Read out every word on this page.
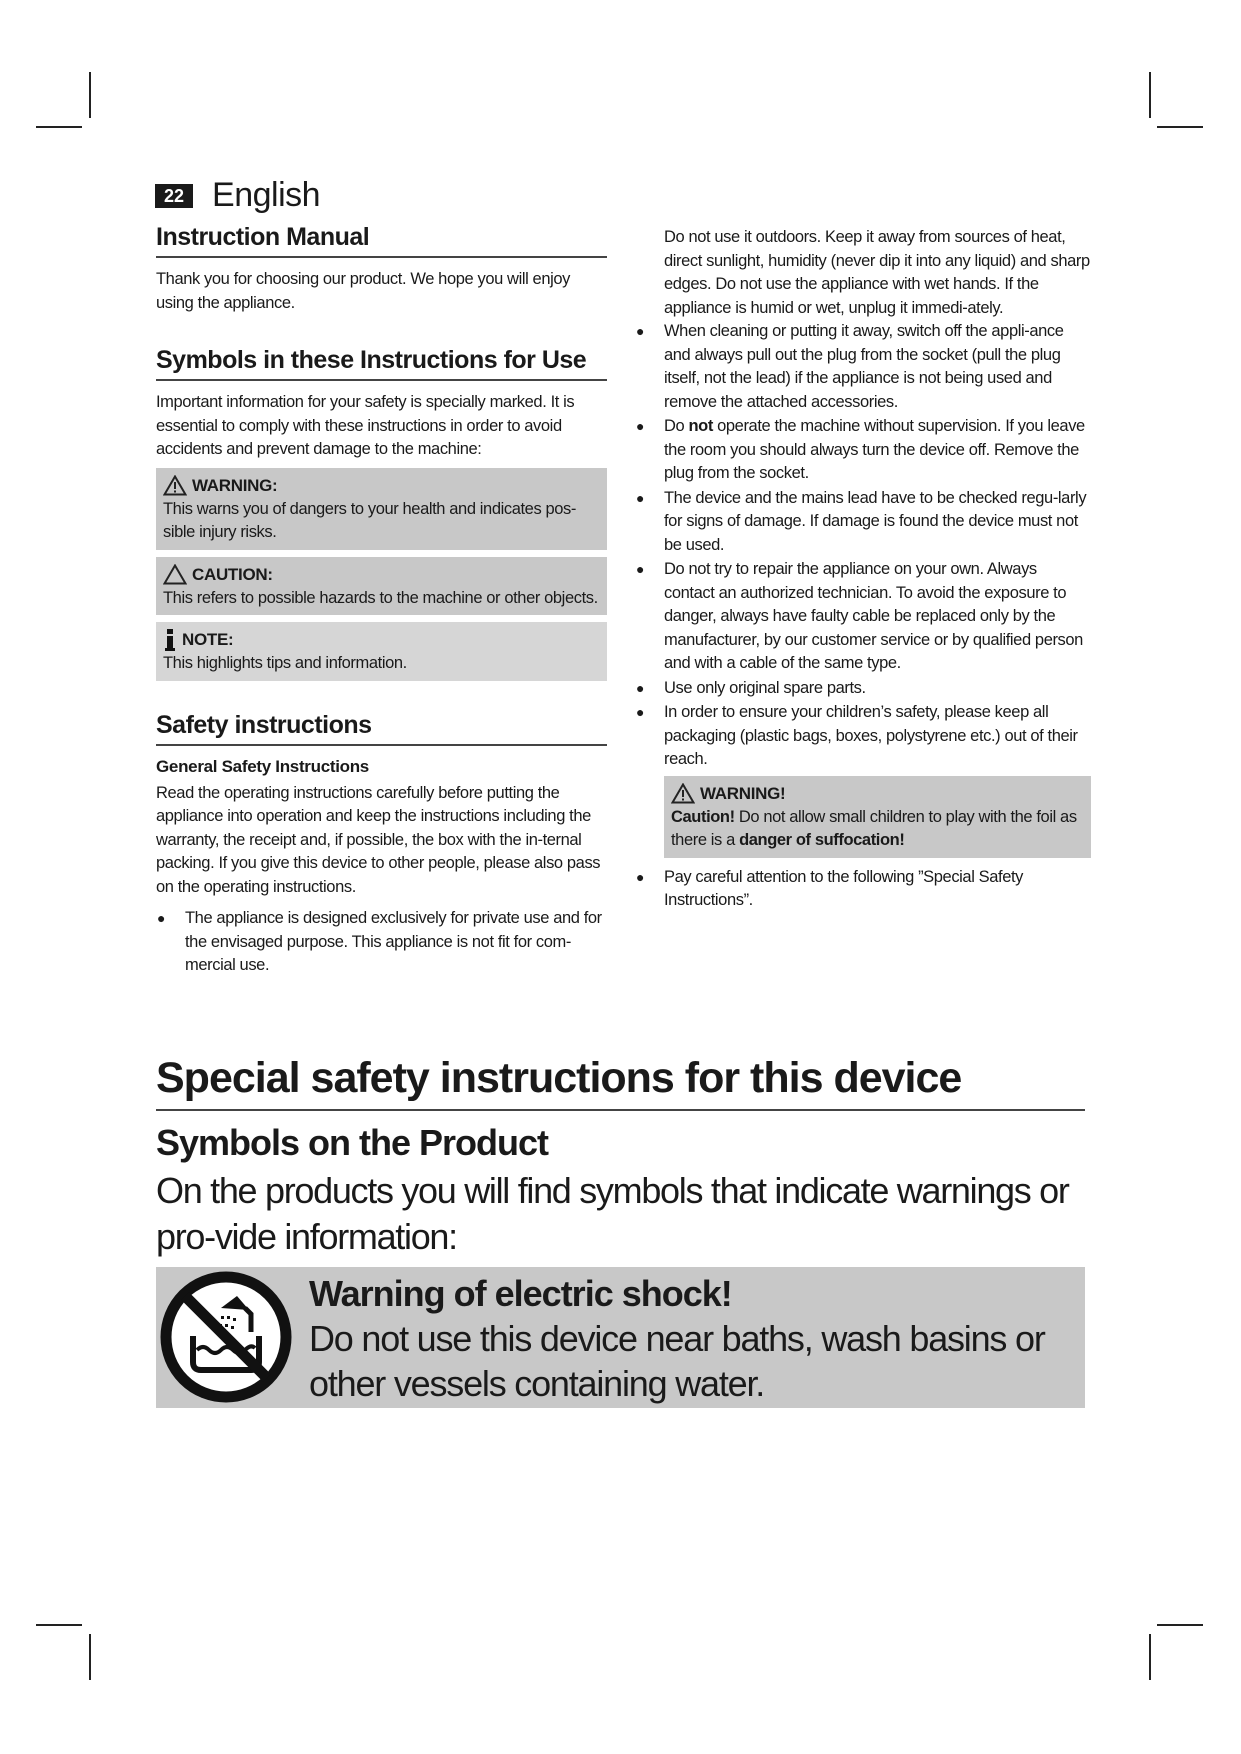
22 English
Instruction Manual

Thank you for choosing our product. We hope you will enjoy using the appliance.

Symbols in these Instructions for Use

Important information for your safety is specially marked. It is essential to comply with these instructions in order to avoid accidents and prevent damage to the machine:

WARNING:
This warns you of dangers to your health and indicates pos-sible injury risks.
CAUTION:
This refers to possible hazards to the machine or other objects.
NOTE:
This highlights tips and information.
Safety instructions
General Safety Instructions

Read the operating instructions carefully before putting the appliance into operation and keep the instructions including the warranty, the receipt and, if possible, the box with the in-ternal packing. If you give this device to other people, please also pass on the operating instructions.

● The appliance is designed exclusively for private use and for the envisaged purpose. This appliance is not fit for com-mercial use.

Do not use it outdoors. Keep it away from sources of heat, direct sunlight, humidity (never dip it into any liquid) and sharp edges. Do not use the appliance with wet hands. If the appliance is humid or wet, unplug it immedi-ately.

● When cleaning or putting it away, switch off the appli-ance and always pull out the plug from the socket (pull the plug itself, not the lead) if the appliance is not being used and remove the attached accessories.
● Do not operate the machine without supervision. If you leave the room you should always turn the device off. Remove the plug from the socket.
● The device and the mains lead have to be checked regu-larly for signs of damage. If damage is found the device must not be used.
● Do not try to repair the appliance on your own. Always contact an authorized technician. To avoid the exposure to danger, always have faulty cable be replaced only by the manufacturer, by our customer service or by qualified person and with a cable of the same type.
● Use only original spare parts.
● In order to ensure your children’s safety, please keep all packaging (plastic bags, boxes, polystyrene etc.) out of their reach.
WARNING!
Caution! Do not allow small children to play with the foil as there is a danger of suffocation!
● Pay careful attention to the following ”Special Safety Instructions”.
Special safety instructions for this device
Symbols on the Product

On the products you will find symbols that indicate warnings or pro-vide information:

Warning of electric shock!

Do not use this device near baths, wash basins or other vessels containing water.
